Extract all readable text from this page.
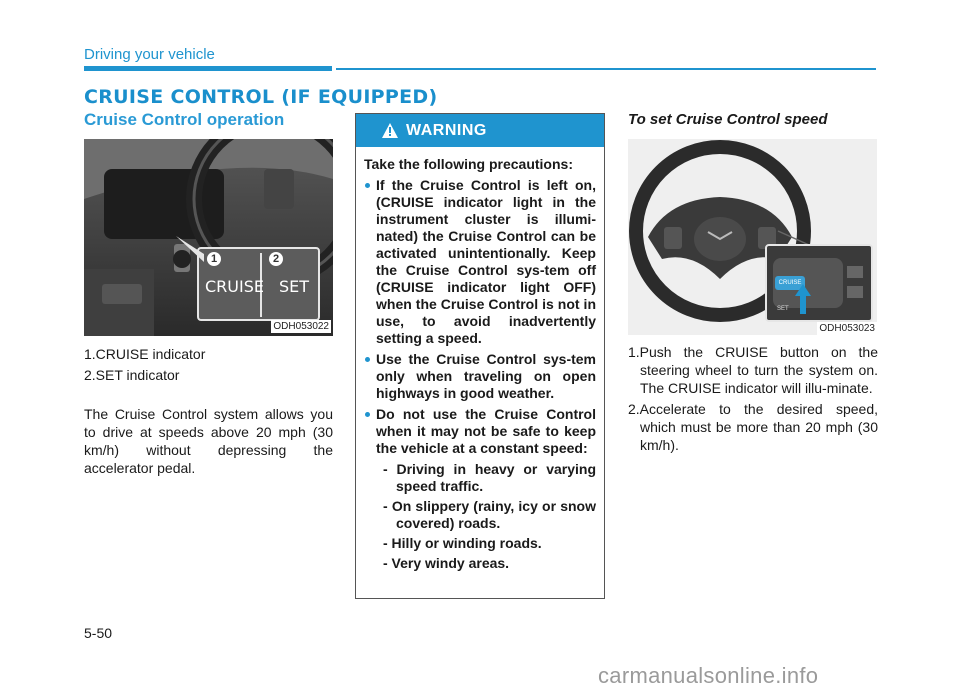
Driving your vehicle
CRUISE CONTROL (IF EQUIPPED)
Cruise Control operation
1	2
CRUISE SET
ODH053022
1.CRUISE indicator
2.SET indicator
The Cruise Control system allows you to drive at speeds above 20 mph (30 km/h) without depressing the accelerator pedal.
WARNING
Take the following precautions:
If the Cruise Control is left on, (CRUISE indicator light in the instrument cluster is illumi-nated) the Cruise Control can be activated unintentionally. Keep the Cruise Control sys-tem off (CRUISE indicator light OFF) when the Cruise Control is not in use, to avoid inadvertently setting a speed.
Use the Cruise Control sys-tem only when traveling on open highways in good weather.
Do not use the Cruise Control when it may not be safe to keep the vehicle at a constant speed:
- Driving in heavy or varying speed traffic.
- On slippery (rainy, icy or snow covered) roads.
- Hilly or winding roads.
- Very windy areas.
To set Cruise Control speed
CRUISE
SET
ODH053023
1.Push the CRUISE button on the steering wheel to turn the system on. The CRUISE indicator will illu-minate.
2.Accelerate to the desired speed, which must be more than 20 mph (30 km/h).
5-50
carmanualsonline.info
